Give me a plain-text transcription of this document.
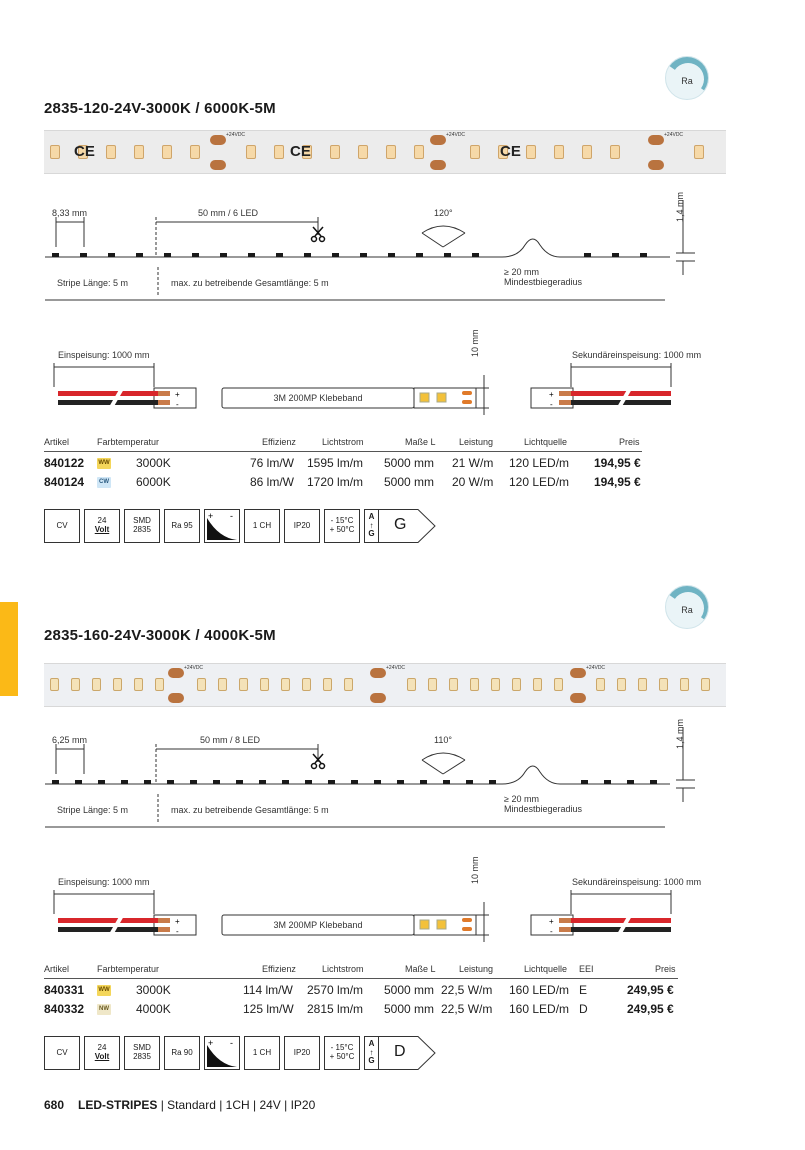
Ra
2835-120-24V-3000K / 6000K-5M
+24VDC	+24VDC	+24VDC
CE	CE	CE
8,33 mm	50 mm / 6 LED	120°	1,4 mm
Stripe Länge: 5 m	max. zu betreibende Gesamtlänge: 5 m
≥ 20 mm
Mindestbiegeradius
Einspeisung: 1000 mm	Sekundäreinspeisung: 1000 mm
10 mm
+
-
+
-
3M 200MP Klebeband
Artikel	Farbtemperatur	Effizienz	Lichtstrom	Maße L	Leistung	Lichtquelle	Preis
840122 WW 3000K	76 lm/W 1595 lm/m 5000 mm 21 W/m 120 LED/m 194,95 €
840124	CW 6000K	86 lm/W 1720 lm/m 5000 mm 20 W/m 120 LED/m 194,95 €
CV	24
Volt
SMD
2835	Ra 95
+ -
1 CH	IP20	- 15°C
+ 50°C
A
↑
G
G
Ra
2835-160-24V-3000K / 4000K-5M
+24VDC	+24VDC	+24VDC
6,25 mm	50 mm / 8 LED	110°	1,4 mm
Stripe Länge: 5 m	max. zu betreibende Gesamtlänge: 5 m
≥ 20 mm
Mindestbiegeradius
Einspeisung: 1000 mm	Sekundäreinspeisung: 1000 mm
10 mm
+
-
+
-
3M 200MP Klebeband
Artikel	Farbtemperatur	Effizienz	Lichtstrom	Maße L	Leistung	Lichtquelle EEI	Preis
840331 WW 3000K	114 lm/W 2570 lm/m 5000 mm 22,5 W/m 160 LED/m E	249,95 €
840332	NW 4000K	125 lm/W 2815 lm/m 5000 mm 22,5 W/m 160 LED/m D	249,95 €
CV	24
Volt
SMD
2835	Ra 90
+ -
1 CH	IP20	- 15°C
+ 50°C
A
↑
G
D
680 LED-STRIPES | Standard | 1CH | 24V | IP20
